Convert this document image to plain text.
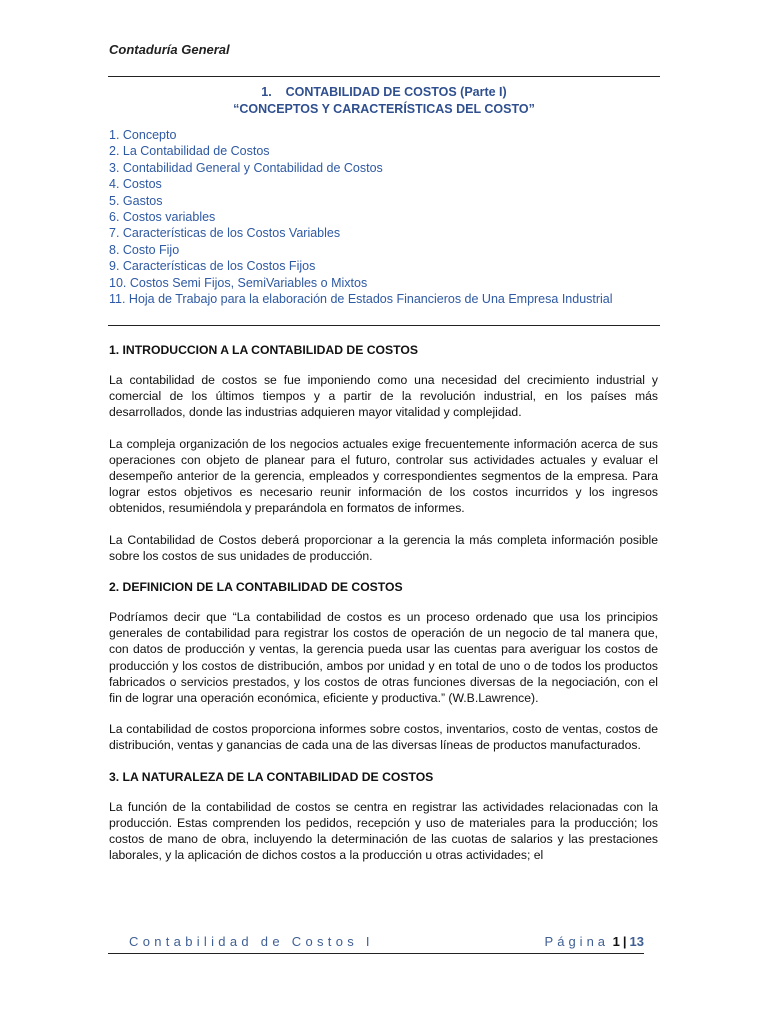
Contaduría General
1.    CONTABILIDAD DE COSTOS (Parte I)
“CONCEPTOS Y CARACTERÍSTICAS DEL COSTO”
1. Concepto
2. La Contabilidad de Costos
3. Contabilidad General y Contabilidad de Costos
4. Costos
5. Gastos
6. Costos variables
7. Características de los Costos Variables
8. Costo Fijo
9. Características de los Costos Fijos
10. Costos Semi Fijos, SemiVariables o Mixtos
11. Hoja de Trabajo para la elaboración de Estados Financieros de Una Empresa Industrial
1. INTRODUCCION A LA CONTABILIDAD DE COSTOS

La contabilidad de costos se fue imponiendo como una necesidad del crecimiento industrial y comercial de los últimos tiempos y a partir de la revolución industrial, en los países más desarrollados, donde las industrias adquieren mayor vitalidad y complejidad.

La compleja organización de los negocios actuales exige frecuentemente información acerca de sus operaciones con objeto de planear para el futuro, controlar sus actividades actuales y evaluar el desempeño anterior de la gerencia, empleados y correspondientes segmentos de la empresa. Para lograr estos objetivos es necesario reunir información de los costos incurridos y los ingresos obtenidos, resumiéndola y preparándola en formatos de informes.

La Contabilidad de Costos deberá proporcionar a la gerencia la más completa información posible sobre los costos de sus unidades de producción.

2. DEFINICION DE LA CONTABILIDAD DE COSTOS

Podríamos decir que “La contabilidad de costos es un proceso ordenado que usa los principios generales de contabilidad para registrar los costos de operación de un negocio de tal manera que, con datos de producción y ventas, la gerencia pueda usar las cuentas para averiguar los costos de producción y los costos de distribución, ambos por unidad y en total de uno o de todos los productos fabricados o servicios prestados, y los costos de otras funciones diversas de la negociación, con el fin de lograr una operación económica, eficiente y productiva.” (W.B.Lawrence).

La contabilidad de costos proporciona informes sobre costos, inventarios, costo de ventas, costos de distribución, ventas y ganancias de cada una de las diversas líneas de productos manufacturados.

3. LA NATURALEZA DE LA CONTABILIDAD DE COSTOS

La función de la contabilidad de costos se centra en registrar las actividades relacionadas con la producción. Estas comprenden los pedidos, recepción y uso de materiales para la producción; los costos de mano de obra, incluyendo la determinación de las cuotas de salarios y las prestaciones laborales, y la aplicación de dichos costos a la producción u otras actividades; el

Contabilidad de Costos I	Página 1 | 13
